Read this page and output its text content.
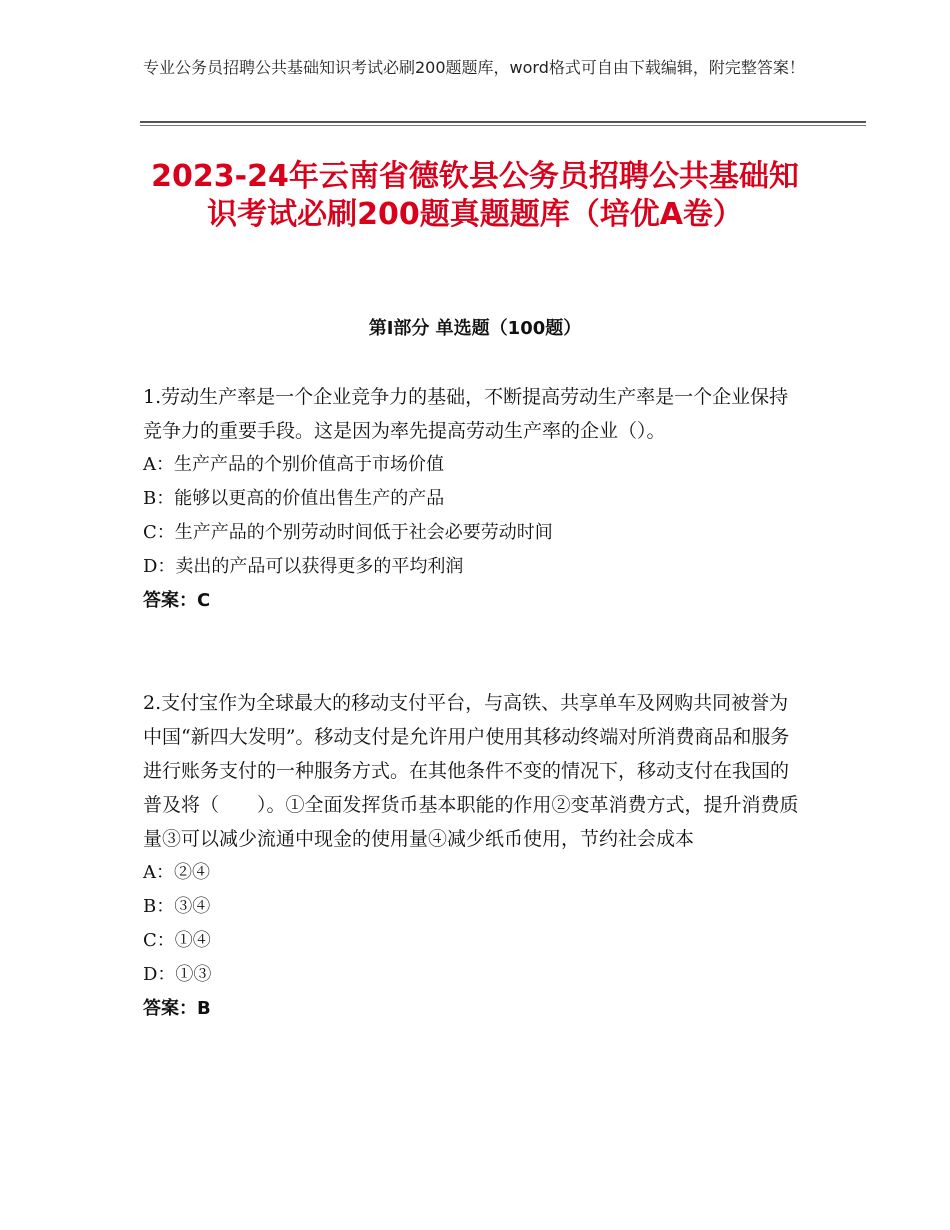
专业公务员招聘公共基础知识考试必刷200题题库，word格式可自由下载编辑，附完整答案！
2023-24年云南省德钦县公务员招聘公共基础知识考试必刷200题真题题库（培优A卷）
第Ⅰ部分 单选题（100题）

1.劳动生产率是一个企业竞争力的基础，不断提高劳动生产率是一个企业保持竞争力的重要手段。这是因为率先提高劳动生产率的企业（）。

A：生产产品的个别价值高于市场价值

B：能够以更高的价值出售生产的产品

C：生产产品的个别劳动时间低于社会必要劳动时间

D：卖出的产品可以获得更多的平均利润

答案：C

2.支付宝作为全球最大的移动支付平台，与高铁、共享单车及网购共同被誉为中国“新四大发明”。移动支付是允许用户使用其移动终端对所消费商品和服务进行账务支付的一种服务方式。在其他条件不变的情况下，移动支付在我国的普及将（　　）。①全面发挥货币基本职能的作用②变革消费方式，提升消费质量③可以减少流通中现金的使用量④减少纸币使用，节约社会成本

A：②④

B：③④

C：①④

D：①③

答案：B
